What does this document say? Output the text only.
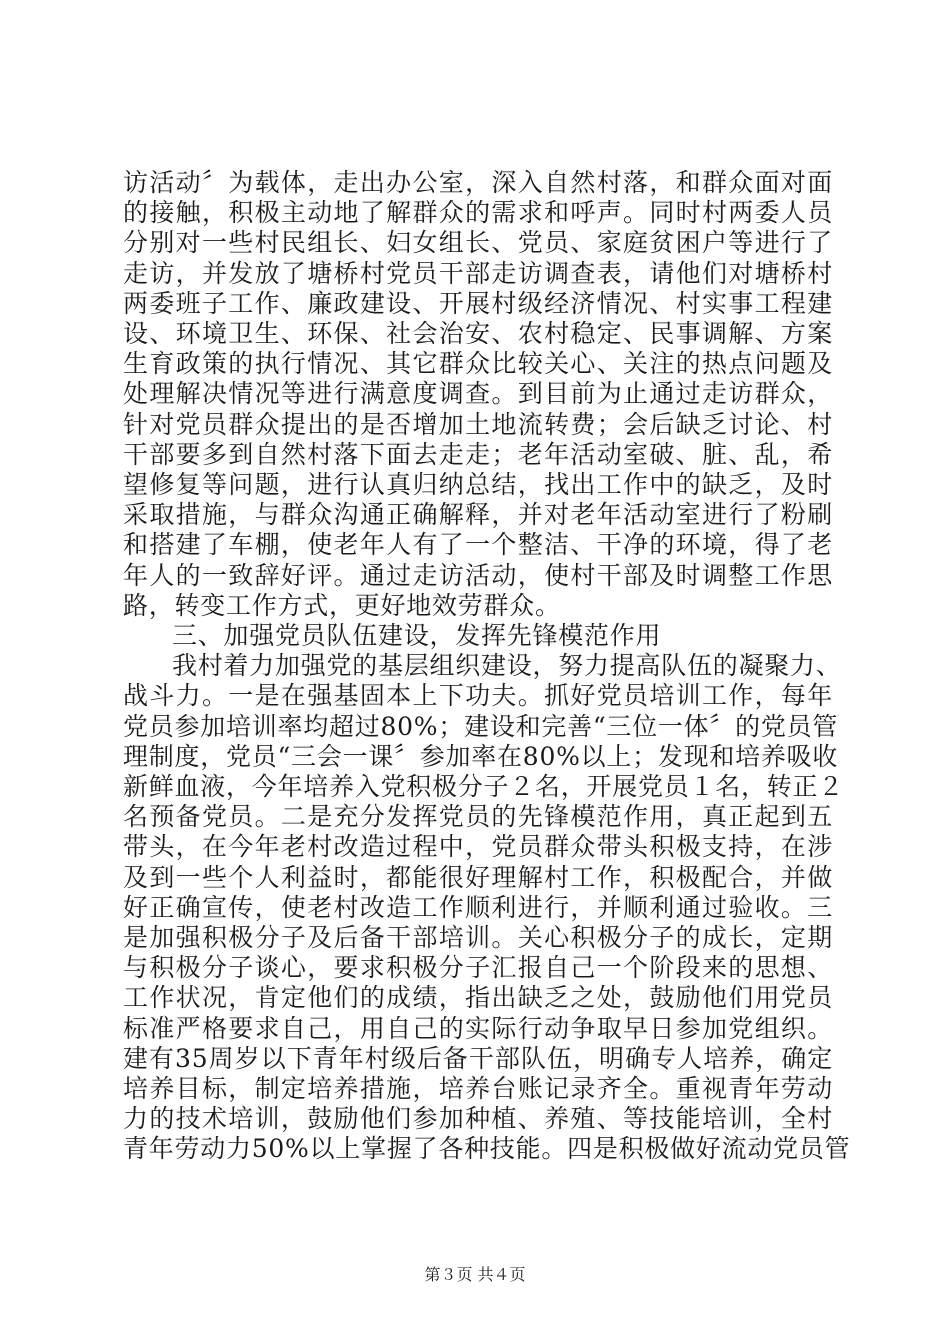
访活动〞为载体，走出办公室，深入自然村落，和群众面对面
的接触，积极主动地了解群众的需求和呼声。同时村两委人员
分别对一些村民组长、妇女组长、党员、家庭贫困户等进行了
走访，并发放了塘桥村党员干部走访调查表，请他们对塘桥村
两委班子工作、廉政建设、开展村级经济情况、村实事工程建
设、环境卫生、环保、社会治安、农村稳定、民事调解、方案
生育政策的执行情况、其它群众比较关心、关注的热点问题及
处理解决情况等进行满意度调查。到目前为止通过走访群众，
针对党员群众提出的是否增加土地流转费；会后缺乏讨论、村
干部要多到自然村落下面去走走；老年活动室破、脏、乱，希
望修复等问题，进行认真归纳总结，找出工作中的缺乏，及时
采取措施，与群众沟通正确解释，并对老年活动室进行了粉刷
和搭建了车棚，使老年人有了一个整洁、干净的环境，得了老
年人的一致辞好评。通过走访活动，使村干部及时调整工作思
路，转变工作方式，更好地效劳群众。
三、加强党员队伍建设，发挥先锋模范作用
我村着力加强党的基层组织建设，努力提高队伍的凝聚力、
战斗力。一是在强基固本上下功夫。抓好党员培训工作，每年
党员参加培训率均超过80%；建设和完善“三位一体〞的党员管
理制度，党员“三会一课〞参加率在80%以上；发现和培养吸收
新鲜血液，今年培养入党积极分子２名，开展党员１名，转正２
名预备党员。二是充分发挥党员的先锋模范作用，真正起到五
带头，在今年老村改造过程中，党员群众带头积极支持，在涉
及到一些个人利益时，都能很好理解村工作，积极配合，并做
好正确宣传，使老村改造工作顺利进行，并顺利通过验收。三
是加强积极分子及后备干部培训。关心积极分子的成长，定期
与积极分子谈心，要求积极分子汇报自己一个阶段来的思想、
工作状况，肯定他们的成绩，指出缺乏之处，鼓励他们用党员
标准严格要求自己，用自己的实际行动争取早日参加党组织。
建有35周岁以下青年村级后备干部队伍，明确专人培养，确定
培养目标，制定培养措施，培养台账记录齐全。重视青年劳动
力的技术培训，鼓励他们参加种植、养殖、等技能培训，全村
青年劳动力50%以上掌握了各种技能。四是积极做好流动党员管
第３页 共４页
